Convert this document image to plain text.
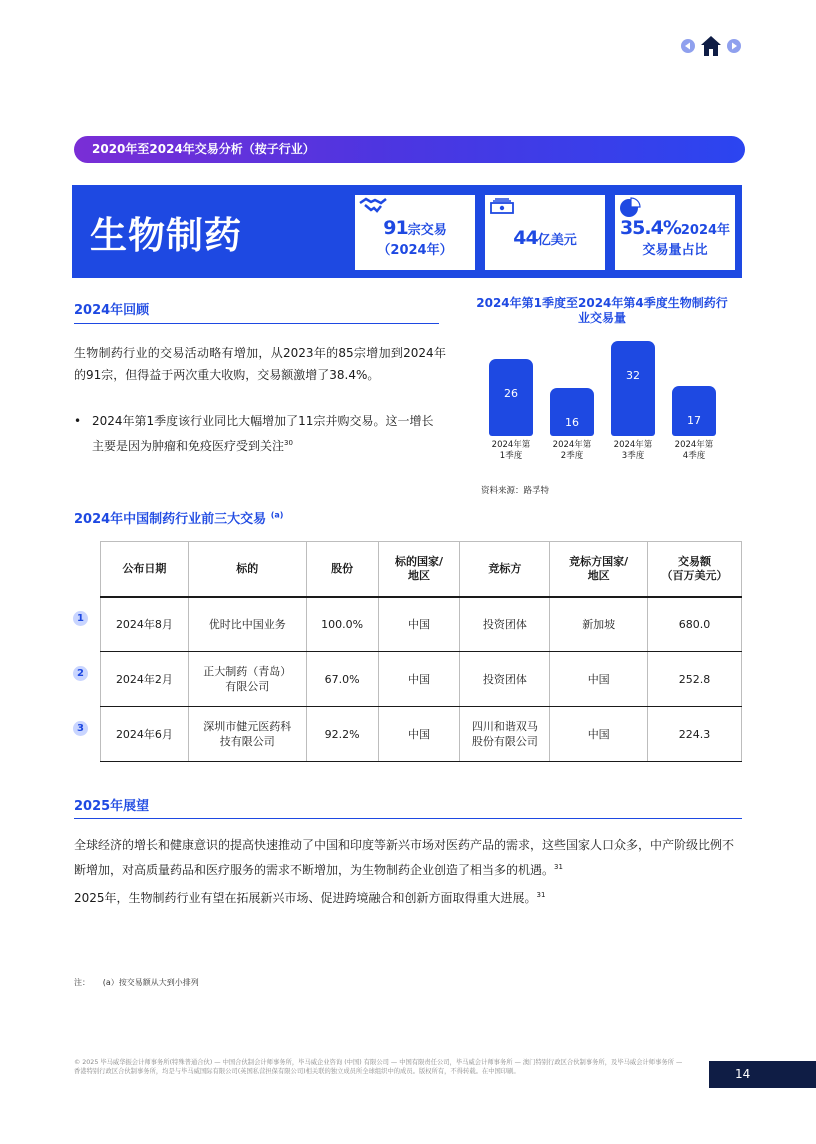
2020年至2024年交易分析（按子行业）
生物制药	91宗交易
（2024年）
44亿美元
35.4%2024年
交易量占比
2024年回顾
生物制药行业的交易活动略有增加，从2023年的85宗增加到2024年的91宗，但得益于两次重大收购，交易额激增了38.4%。
• 2024年第1季度该行业同比大幅增加了11宗并购交易。这一增长主要是因为肿瘤和免疫医疗受到关注$^{30}$
2024年第1季度至2024年第4季度生物制药行业交易量
26
2024年第
1季度
16
2024年第
2季度
32
2024年第
3季度
17
2024年第
4季度
资料来源：路孚特
2024年中国制药行业前三大交易 $^{(a)}$
公布日期	标的	股份	标的国家/
地区	竞标方	竞标方国家/
地区	交易额
（百万美元）
2024年8月	优时比中国业务	100.0%	中国	投资团体	新加坡	680.0
2024年2月	正大制药（青岛）
有限公司	67.0%	中国	投资团体	中国	252.8
2024年6月	深圳市健元医药科
技有限公司	92.2%	中国	四川和谐双马
股份有限公司	中国	224.3
1
2
3
2025年展望
全球经济的增长和健康意识的提高快速推动了中国和印度等新兴市场对医药产品的需求，这些国家人口众多，中产阶级比例不断增加，对高质量药品和医疗服务的需求不断增加，为生物制药企业创造了相当多的机遇。$^{31}$
2025年，生物制药行业有望在拓展新兴市场、促进跨境融合和创新方面取得重大进展。$^{31}$
注： (a）按交易额从大到小排列
© 2025 毕马威华振会计师事务所(特殊普通合伙) — 中国合伙制会计师事务所，毕马威企业咨询 (中国) 有限公司 — 中国有限责任公司，毕马威会计师事务所 — 澳门特别行政区合伙制事务所，及毕马威会计师事务所 — 香港特别行政区合伙制事务所，均是与毕马威国际有限公司(英国私营担保有限公司)相关联的独立成员所全球组织中的成员。版权所有，不得转载。在中国印刷。	14
